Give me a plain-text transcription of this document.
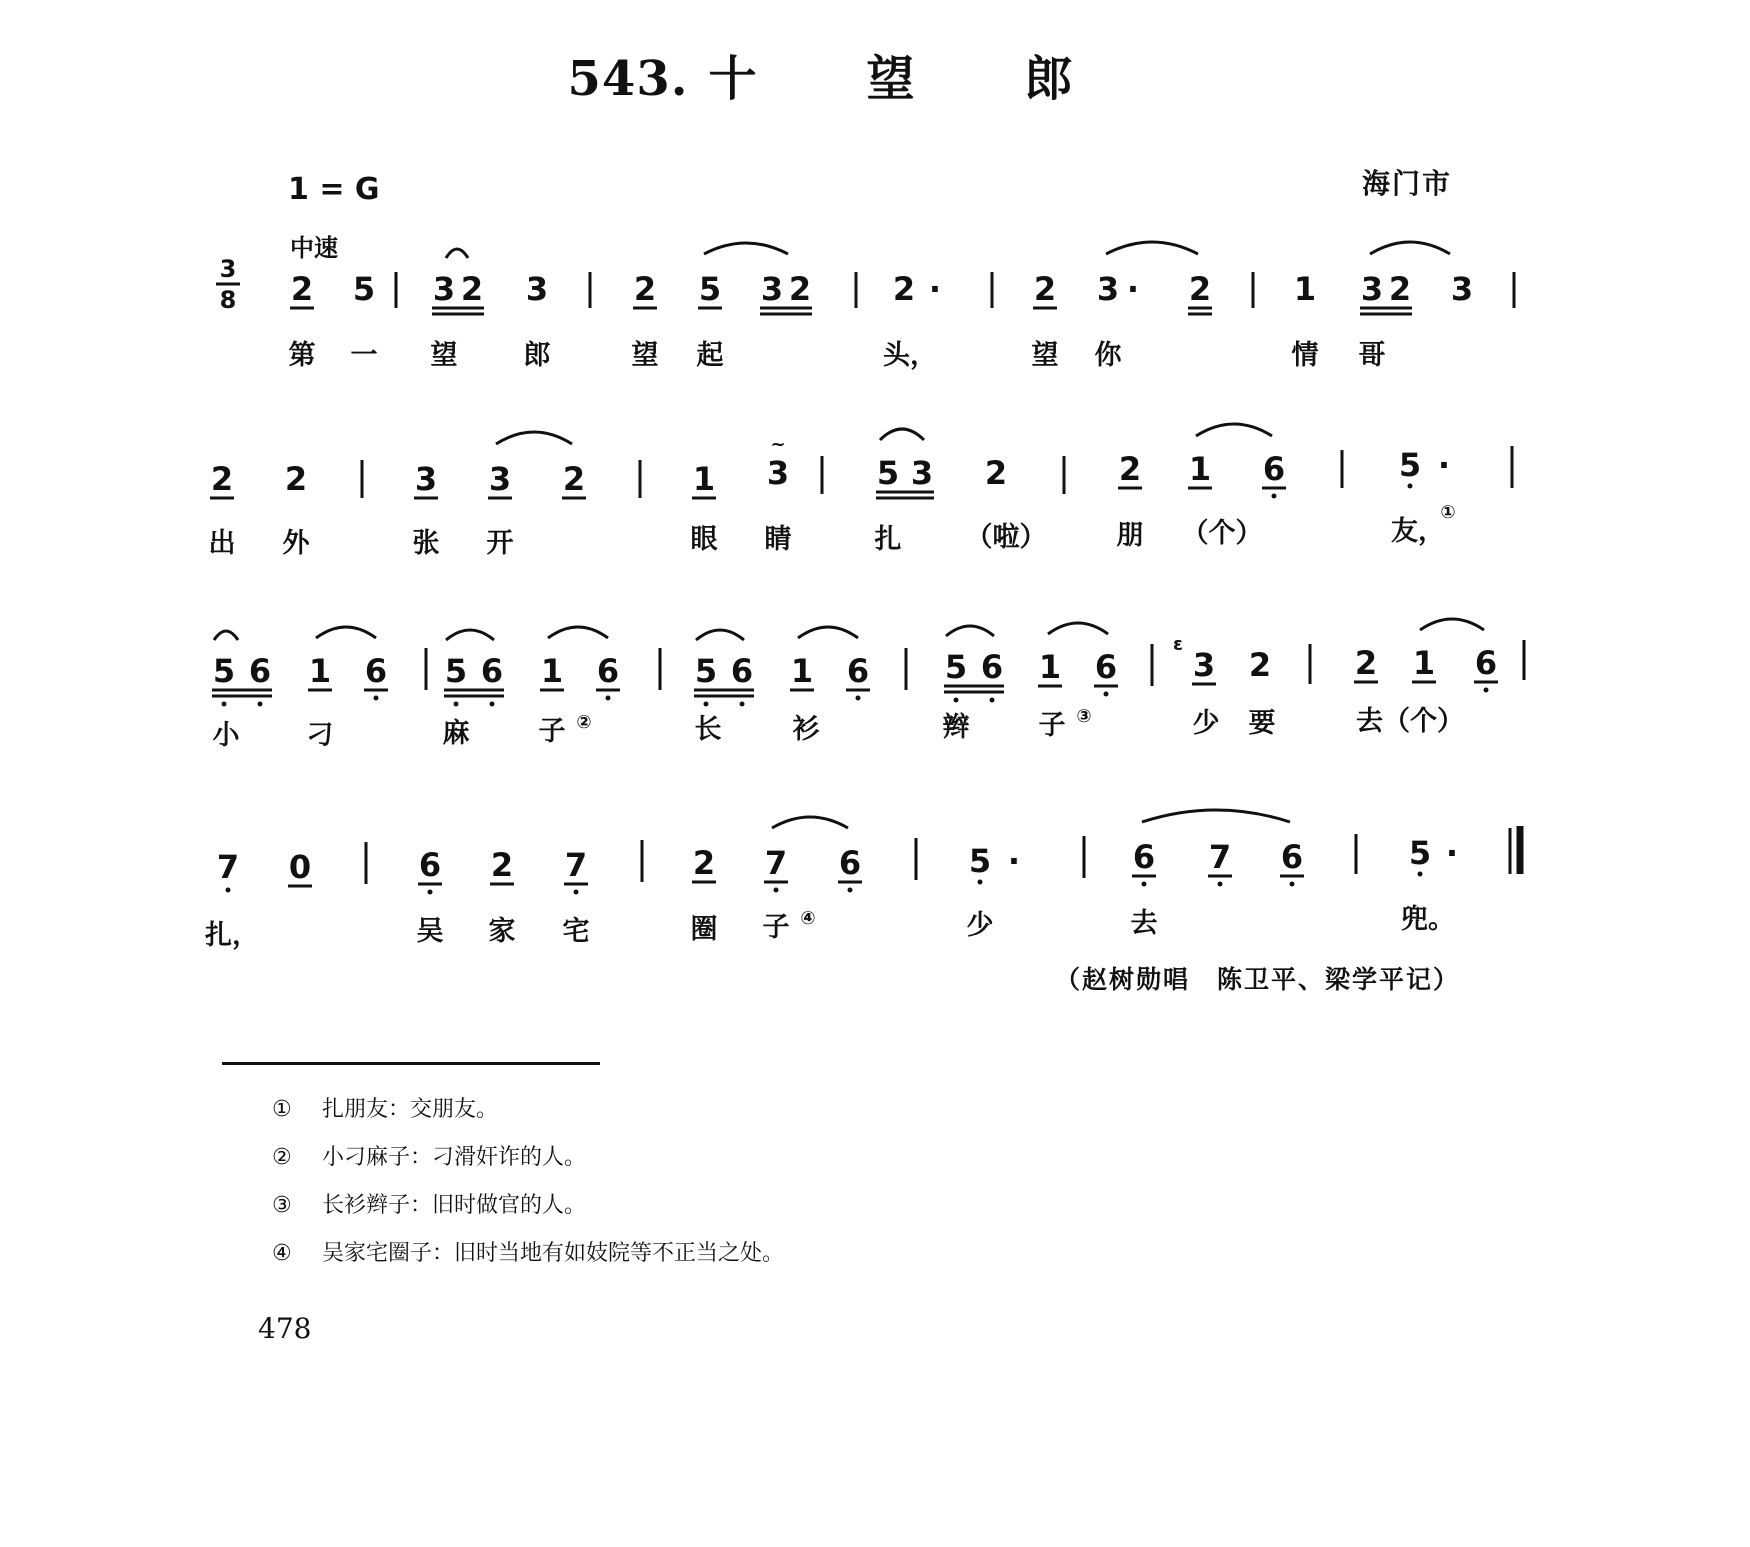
543. 十望郎
1 = G	海门市
中速
3
8 2 5 3 2 3	2 5 3 2	2 ·	2 3 · 2	1 3 2 3
第 一 望 郎	望 起	头，	望 你	情 哥
2 2	3 3 2	1 3
~
5 3 2	2 1 6	5 ·
出 外	张 开	眼 睛	扎 （啦）	朋 （个）	友，
①
5 6 1 6 5 6 1 6 5 6 1 6 5 6 1 6
ε
3 2	2 1 6
小 刁	麻	子 ②	长	衫	辫	子 ③	少 要	去（个）
7 0	6 2 7	2 7 6	5 ·	6 7 6	5 ·
扎，	吴 家 宅	圈 子 ④	少	去	兜。
（赵树勋唱　陈卫平、梁学平记）
① 扎朋友：交朋友。
② 小刁麻子：刁滑奸诈的人。
③ 长衫辫子：旧时做官的人。
④ 吴家宅圈子：旧时当地有如妓院等不正当之处。
478
